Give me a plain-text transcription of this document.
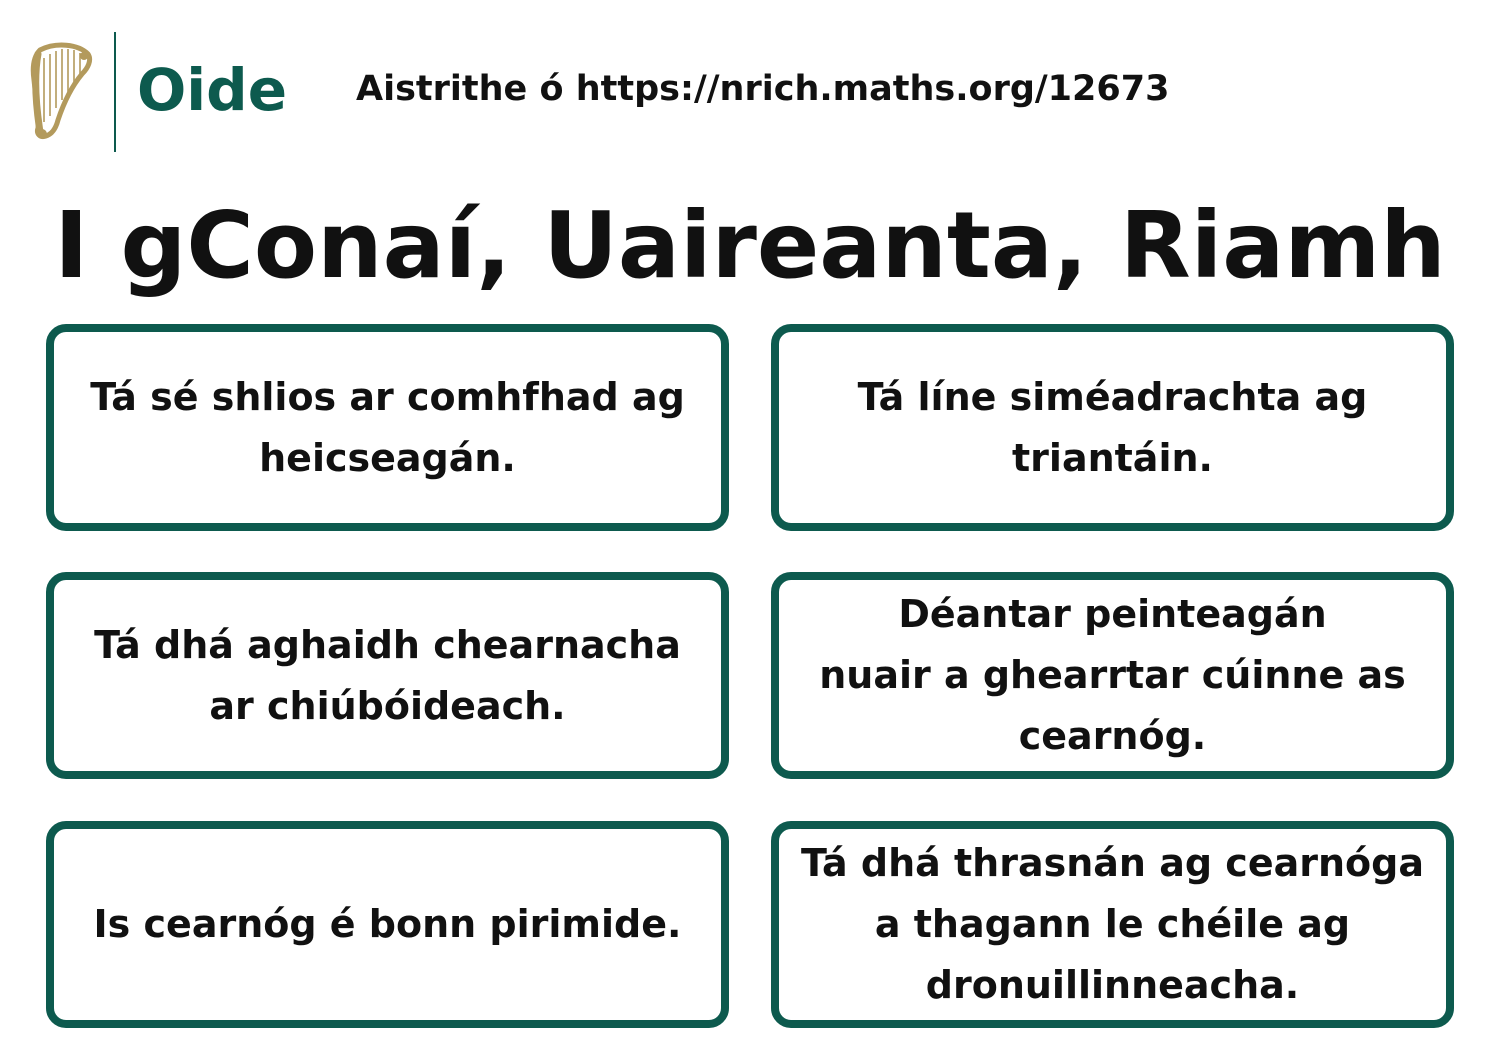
Oide Aistrithe ó https://nrich.maths.org/12673
I gConaí, Uaireanta, Riamh
Tá sé shlios ar comhfhad ag
heicseagán.
Tá líne siméadrachta ag
triantáin.
Tá dhá aghaidh chearnacha
ar chiúbóideach.
Déantar peinteagán
nuair a ghearrtar cúinne as
cearnóg.
Is cearnóg é bonn pirimide.
Tá dhá thrasnán ag cearnóga
a thagann le chéile ag
dronuillinneacha.
